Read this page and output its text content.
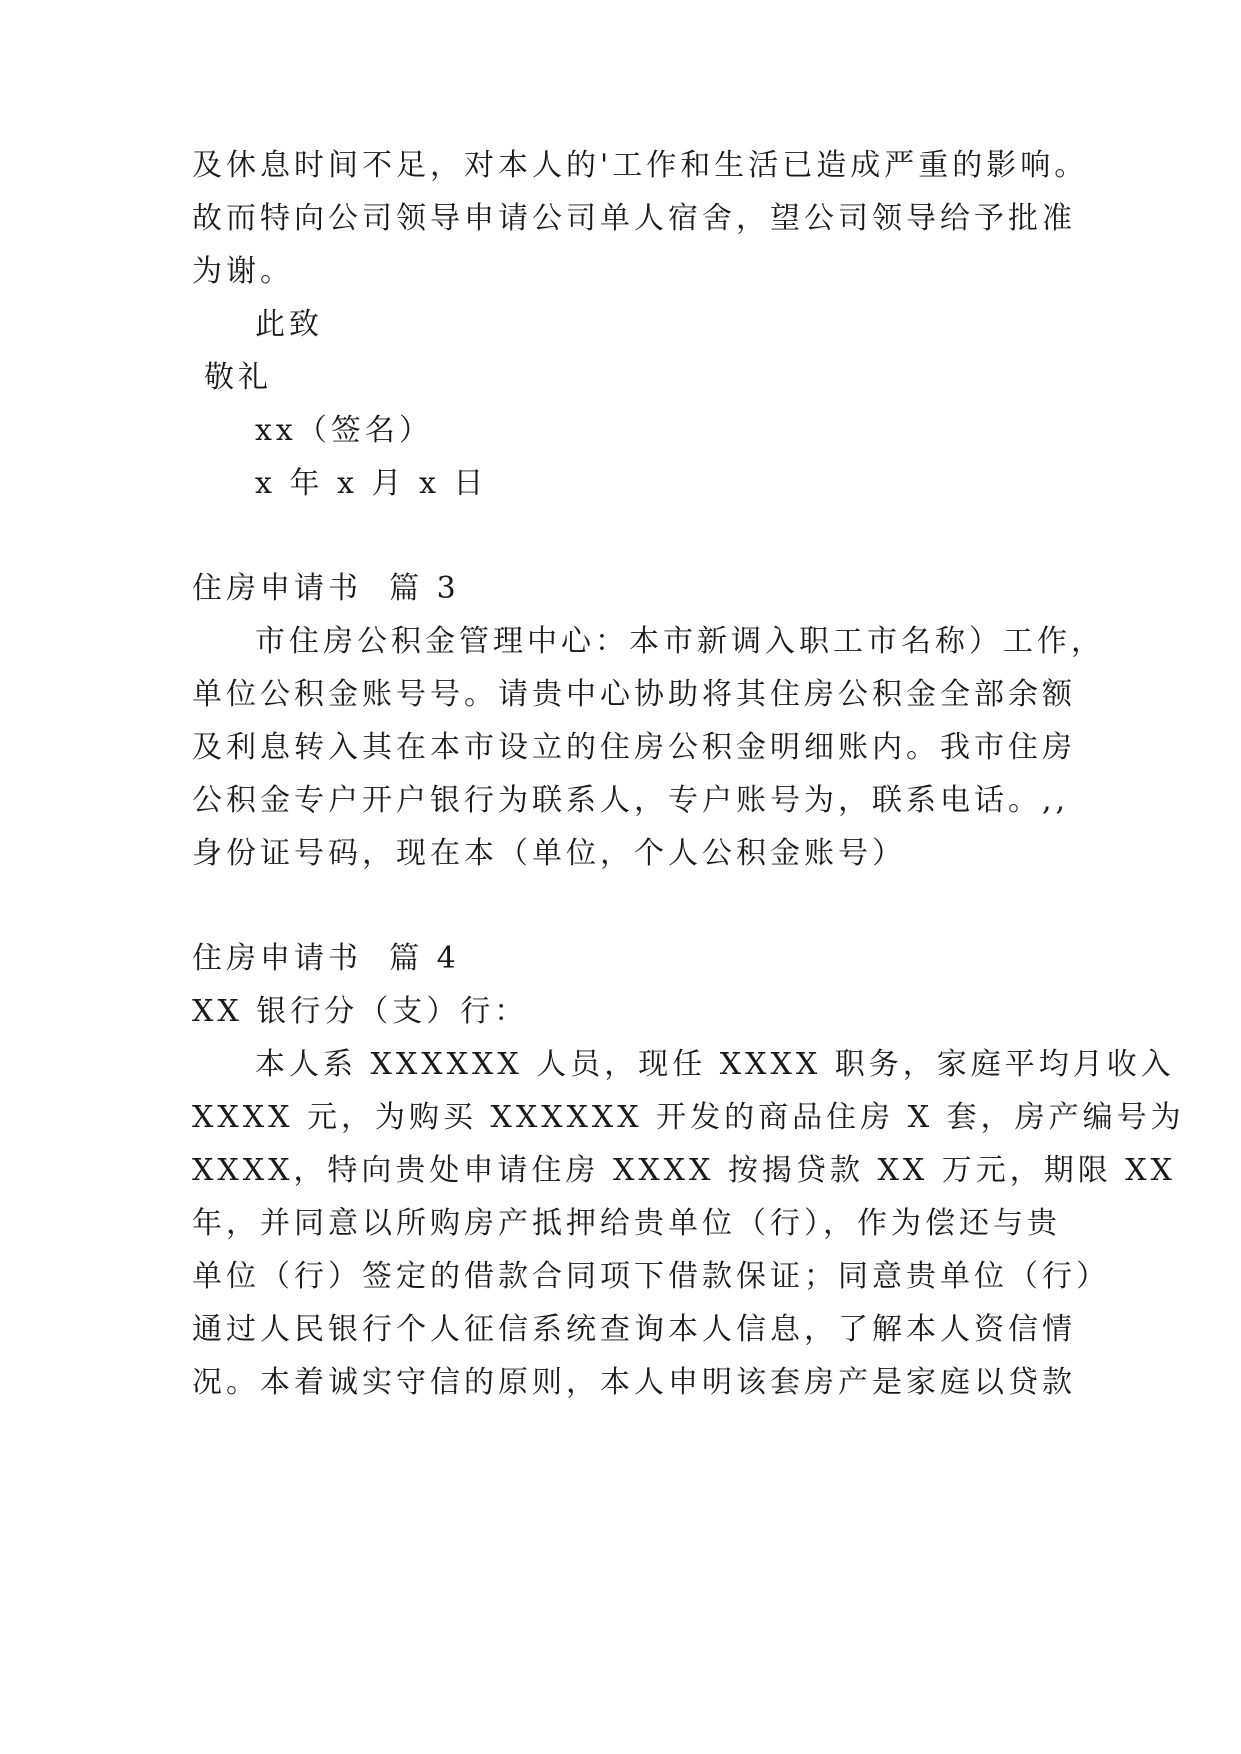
及休息时间不足，对本人的'工作和生活已造成严重的影响。
故而特向公司领导申请公司单人宿舍，望公司领导给予批准
为谢。
此致
敬礼
xx（签名）
x 年 x 月 x 日
住房申请书  篇 3
市住房公积金管理中心：本市新调入职工市名称）工作，
单位公积金账号号。请贵中心协助将其住房公积金全部余额
及利息转入其在本市设立的住房公积金明细账内。我市住房
公积金专户开户银行为联系人，专户账号为，联系电话。,,
身份证号码，现在本（单位，个人公积金账号）
住房申请书  篇 4
XX 银行分（支）行：
本人系 XXXXXX 人员，现任 XXXX 职务，家庭平均月收入
XXXX 元，为购买 XXXXXX 开发的商品住房 X 套，房产编号为
XXXX，特向贵处申请住房 XXXX 按揭贷款 XX 万元，期限 XX
年，并同意以所购房产抵押给贵单位（行），作为偿还与贵
单位（行）签定的借款合同项下借款保证；同意贵单位（行）
通过人民银行个人征信系统查询本人信息，了解本人资信情
况。本着诚实守信的原则，本人申明该套房产是家庭以贷款
